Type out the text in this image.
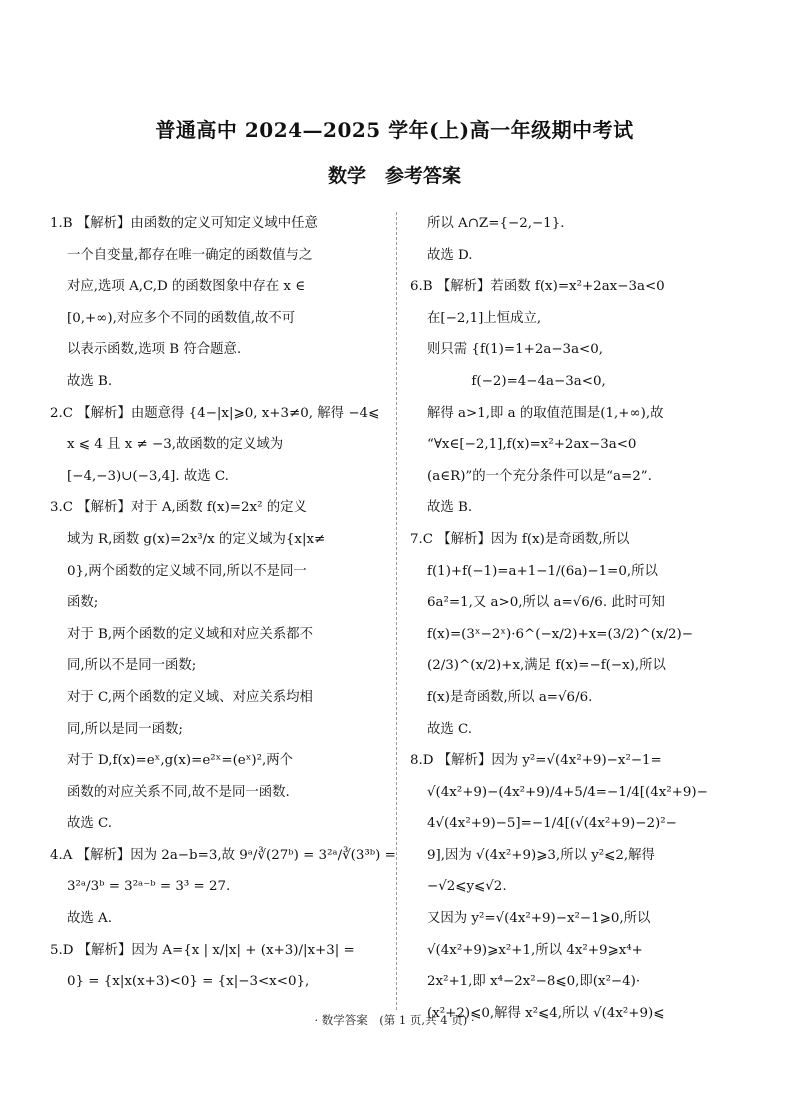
普通高中 2024—2025 学年(上)高一年级期中考试
数学　参考答案
1.B 【解析】由函数的定义可知定义域中任意
一个自变量,都存在唯一确定的函数值与之
对应,选项 A,C,D 的函数图象中存在 x ∈
[0,+∞),对应多个不同的函数值,故不可
以表示函数,选项 B 符合题意.
故选 B.
2.C 【解析】由题意得 {4−|x|⩾0, x+3≠0, 解得 −4⩽
x ⩽ 4 且 x ≠ −3,故函数的定义域为
[−4,−3)∪(−3,4]. 故选 C.
3.C 【解析】对于 A,函数 f(x)=2x² 的定义
域为 R,函数 g(x)=2x³/x 的定义域为{x|x≠
0},两个函数的定义域不同,所以不是同一
函数;
对于 B,两个函数的定义域和对应关系都不
同,所以不是同一函数;
对于 C,两个函数的定义域、对应关系均相
同,所以是同一函数;
对于 D,f(x)=eˣ,g(x)=e²ˣ=(eˣ)²,两个
函数的对应关系不同,故不是同一函数.
故选 C.
4.A 【解析】因为 2a−b=3,故 9ᵃ/∛(27ᵇ) = 3²ᵃ/∛(3³ᵇ) =
3²ᵃ/3ᵇ = 3²ᵃ⁻ᵇ = 3³ = 27.
故选 A.
5.D 【解析】因为 A={x | x/|x| + (x+3)/|x+3| =
0} = {x|x(x+3)<0} = {x|−3<x<0},
所以 A∩Z={−2,−1}.
故选 D.
6.B 【解析】若函数 f(x)=x²+2ax−3a<0
在[−2,1]上恒成立,
则只需 {f(1)=1+2a−3a<0,
　　　 f(−2)=4−4a−3a<0,
解得 a>1,即 a 的取值范围是(1,+∞),故
“∀x∈[−2,1],f(x)=x²+2ax−3a<0
(a∈R)”的一个充分条件可以是“a=2”.
故选 B.
7.C 【解析】因为 f(x)是奇函数,所以
f(1)+f(−1)=a+1−1/(6a)−1=0,所以
6a²=1,又 a>0,所以 a=√6/6. 此时可知
f(x)=(3ˣ−2ˣ)·6^(−x/2)+x=(3/2)^(x/2)−
(2/3)^(x/2)+x,满足 f(x)=−f(−x),所以
f(x)是奇函数,所以 a=√6/6.
故选 C.
8.D 【解析】因为 y²=√(4x²+9)−x²−1=
√(4x²+9)−(4x²+9)/4+5/4=−1/4[(4x²+9)−
4√(4x²+9)−5]=−1/4[(√(4x²+9)−2)²−
9],因为 √(4x²+9)⩾3,所以 y²⩽2,解得
−√2⩽y⩽√2.
又因为 y²=√(4x²+9)−x²−1⩾0,所以
√(4x²+9)⩾x²+1,所以 4x²+9⩾x⁴+
2x²+1,即 x⁴−2x²−8⩽0,即(x²−4)·
(x²+2)⩽0,解得 x²⩽4,所以 √(4x²+9)⩽
· 数学答案　(第 1 页,共 4 页) ·
